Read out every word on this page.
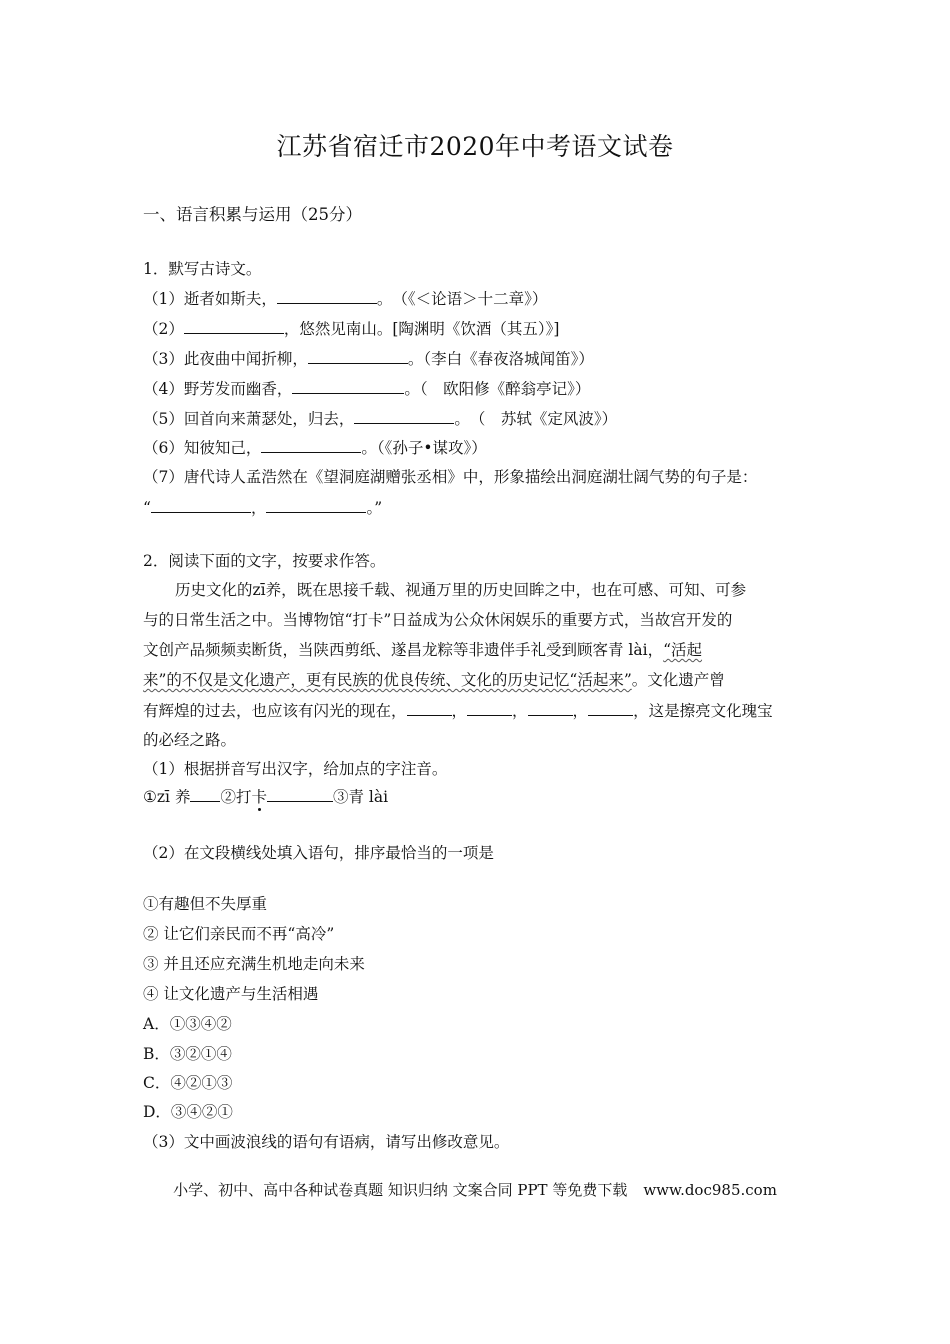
江苏省宿迁市2020年中考语文试卷
一、语言积累与运用（25分）
1．默写古诗文。
（1）逝者如斯夫，	。　（《＜论语＞十二章》）
（2）	，悠然见南山。[陶渊明《饮酒（其五）》]
（3）此夜曲中闻折柳，	。（李白《春夜洛城闻笛》）
（4）野芳发而幽香，	。（　欧阳修《醉翁亭记》）
（5）回首向来萧瑟处，归去，	。　（　苏轼《定风波》）
（6）知彼知己，	。（《孙子•谋攻》）
（7）唐代诗人孟浩然在《望洞庭湖赠张丞相》中，形象描绘出洞庭湖壮阔气势的句子是：
“	，	。”
2．阅读下面的文字，按要求作答。
历史文化的zī养，既在思接千载、视通万里的历史回眸之中，也在可感、可知、可参
与的日常生活之中。当博物馆“打卡”日益成为公众休闲娱乐的重要方式，当故宫开发的
文创产品频频卖断货，当陕西剪纸、遂昌龙粽等非遗伴手礼受到顾客青 lài，“活起
来”的不仅是文化遗产，更有民族的优良传统、文化的历史记忆“活起来”。文化遗产曾
有辉煌的过去，也应该有闪光的现在，	，	，	，	，这是擦亮文化瑰宝
的必经之路。
（1）根据拼音写出汉字，给加点的字注音。
①zī 养 ②打卡	③青 lài
（2）在文段横线处填入语句，排序最恰当的一项是
①有趣但不失厚重
② 让它们亲民而不再“高冷”
③ 并且还应充满生机地走向未来
④ 让文化遗产与生活相遇
A．①③④②
B．③②①④
C．④②①③
D．③④②①
（3）文中画波浪线的语句有语病，请写出修改意见。
小学、初中、高中各种试卷真题 知识归纳 文案合同 PPT 等免费下载 www.doc985.com
